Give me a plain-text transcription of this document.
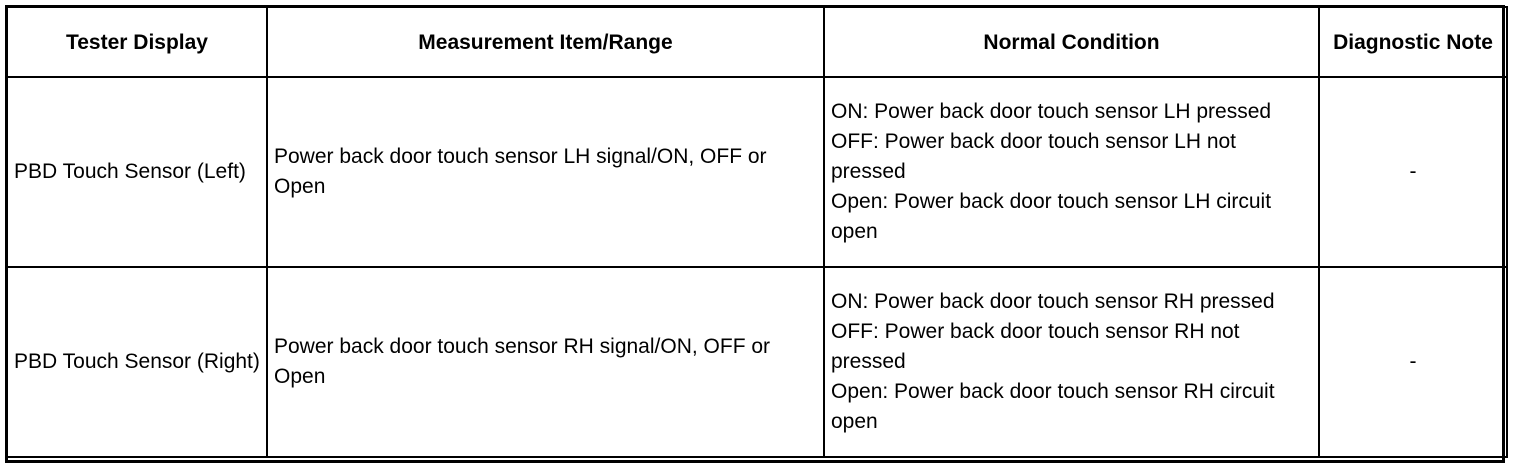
Tester Display	Measurement Item/Range	Normal Condition	Diagnostic Note
PBD Touch Sensor (Left)	Power back door touch sensor LH signal/ON, OFF or Open	ON: Power back door touch sensor LH pressed
OFF: Power back door touch sensor LH not pressed
Open: Power back door touch sensor LH circuit open	-
PBD Touch Sensor (Right)	Power back door touch sensor RH signal/ON, OFF or Open	ON: Power back door touch sensor RH pressed
OFF: Power back door touch sensor RH not pressed
Open: Power back door touch sensor RH circuit open	-
